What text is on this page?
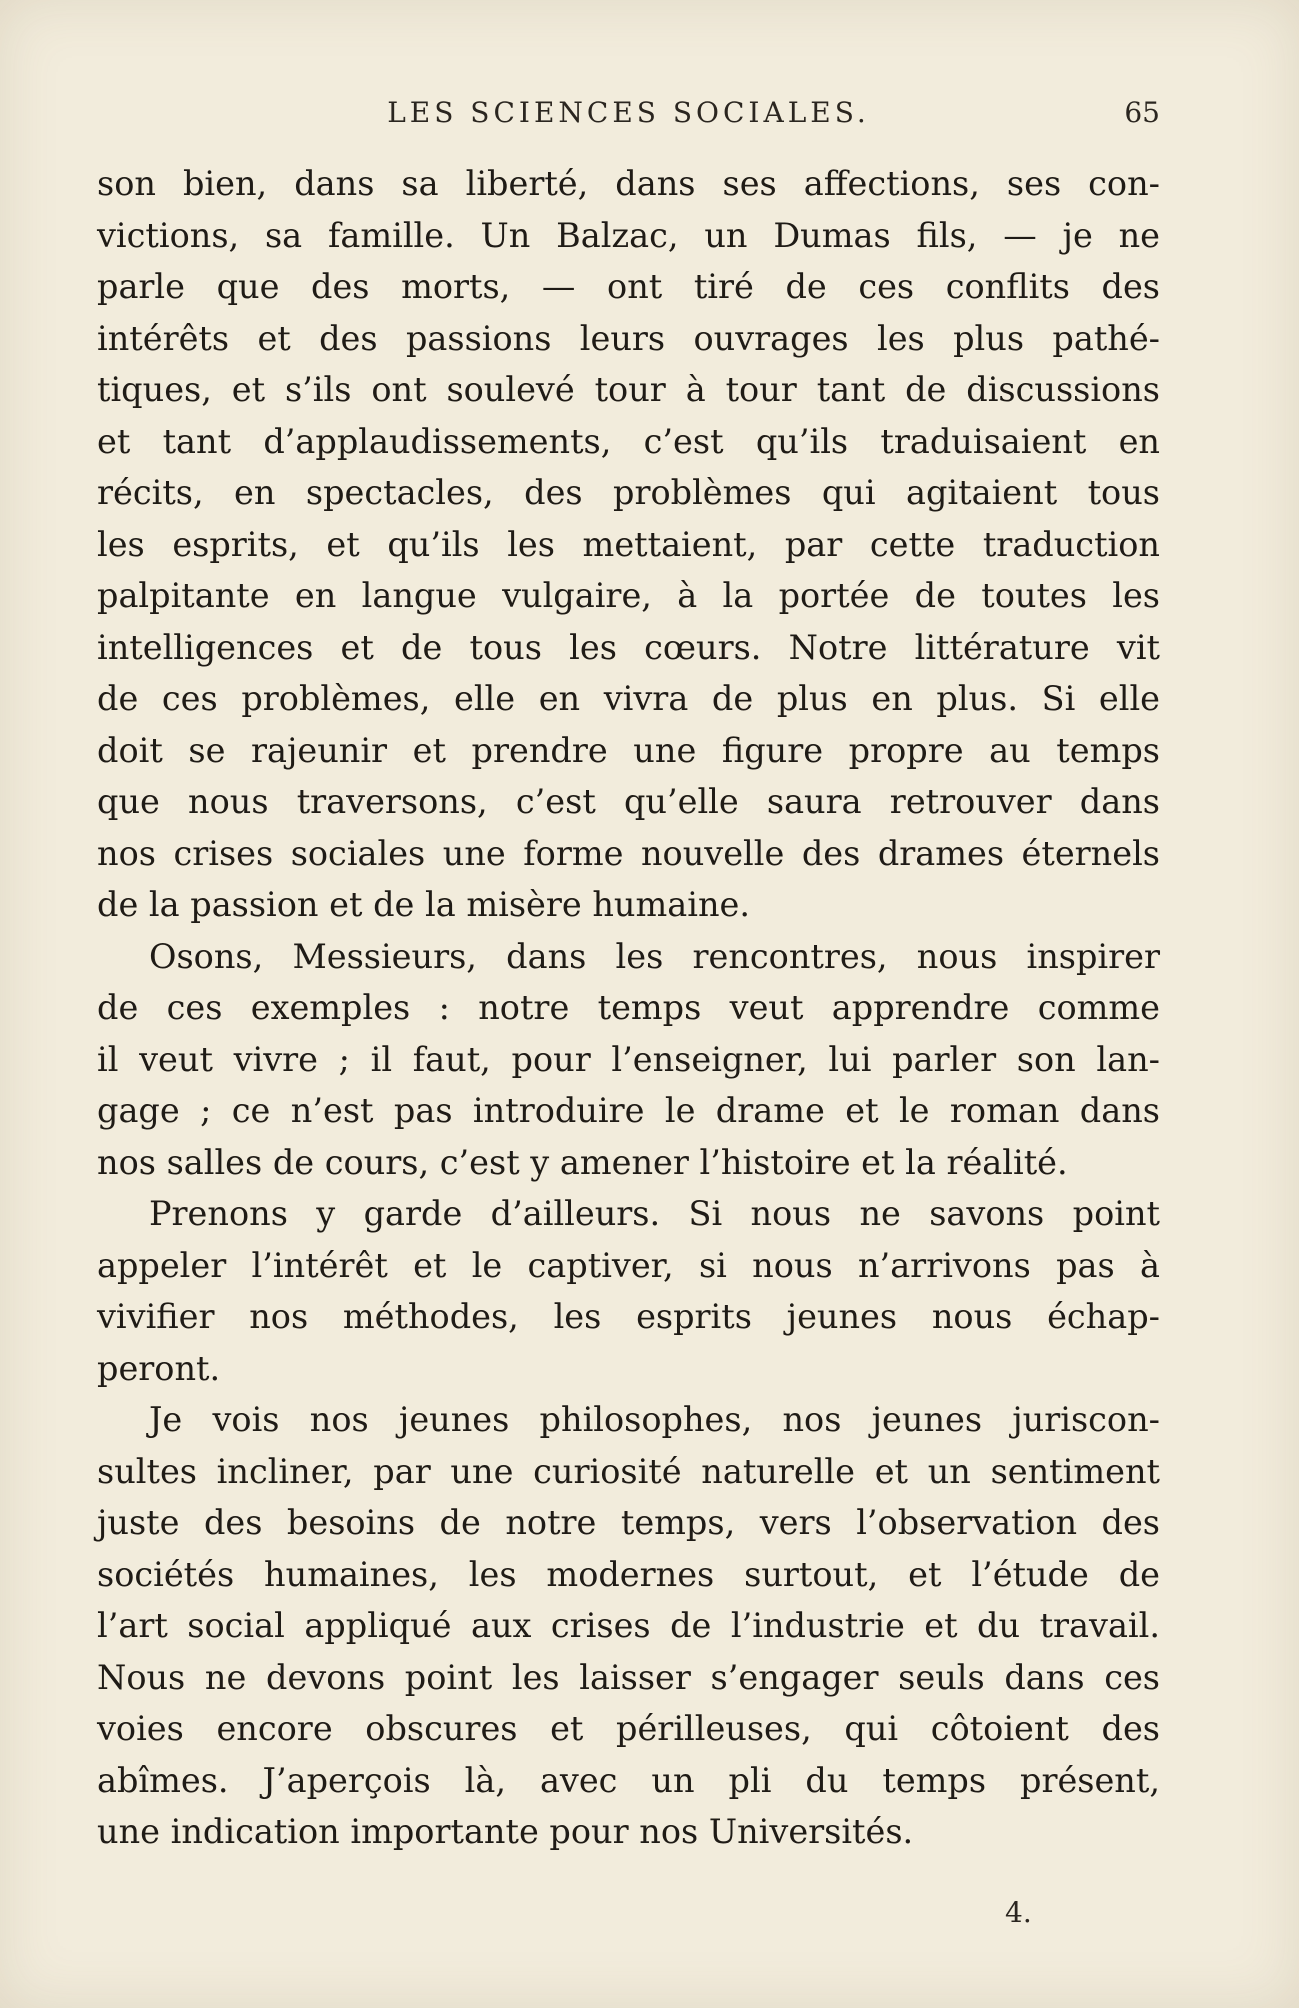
LES SCIENCES SOCIALES.	65
son bien, dans sa liberté, dans ses affections, ses con-
victions, sa famille. Un Balzac, un Dumas fils, — je ne
parle que des morts, — ont tiré de ces conflits des
intérêts et des passions leurs ouvrages les plus pathé-
tiques, et s’ils ont soulevé tour à tour tant de discussions
et tant d’applaudissements, c’est qu’ils traduisaient en
récits, en spectacles, des problèmes qui agitaient tous
les esprits, et qu’ils les mettaient, par cette traduction
palpitante en langue vulgaire, à la portée de toutes les
intelligences et de tous les cœurs. Notre littérature vit
de ces problèmes, elle en vivra de plus en plus. Si elle
doit se rajeunir et prendre une figure propre au temps
que nous traversons, c’est qu’elle saura retrouver dans
nos crises sociales une forme nouvelle des drames éternels
de la passion et de la misère humaine.
Osons, Messieurs, dans les rencontres, nous inspirer
de ces exemples : notre temps veut apprendre comme
il veut vivre ; il faut, pour l’enseigner, lui parler son lan-
gage ; ce n’est pas introduire le drame et le roman dans
nos salles de cours, c’est y amener l’histoire et la réalité.
Prenons y garde d’ailleurs. Si nous ne savons point
appeler l’intérêt et le captiver, si nous n’arrivons pas à
vivifier nos méthodes, les esprits jeunes nous échap-
peront.
Je vois nos jeunes philosophes, nos jeunes juriscon-
sultes incliner, par une curiosité naturelle et un sentiment
juste des besoins de notre temps, vers l’observation des
sociétés humaines, les modernes surtout, et l’étude de
l’art social appliqué aux crises de l’industrie et du travail.
Nous ne devons point les laisser s’engager seuls dans ces
voies encore obscures et périlleuses, qui côtoient des
abîmes. J’aperçois là, avec un pli du temps présent,
une indication importante pour nos Universités.
4.
